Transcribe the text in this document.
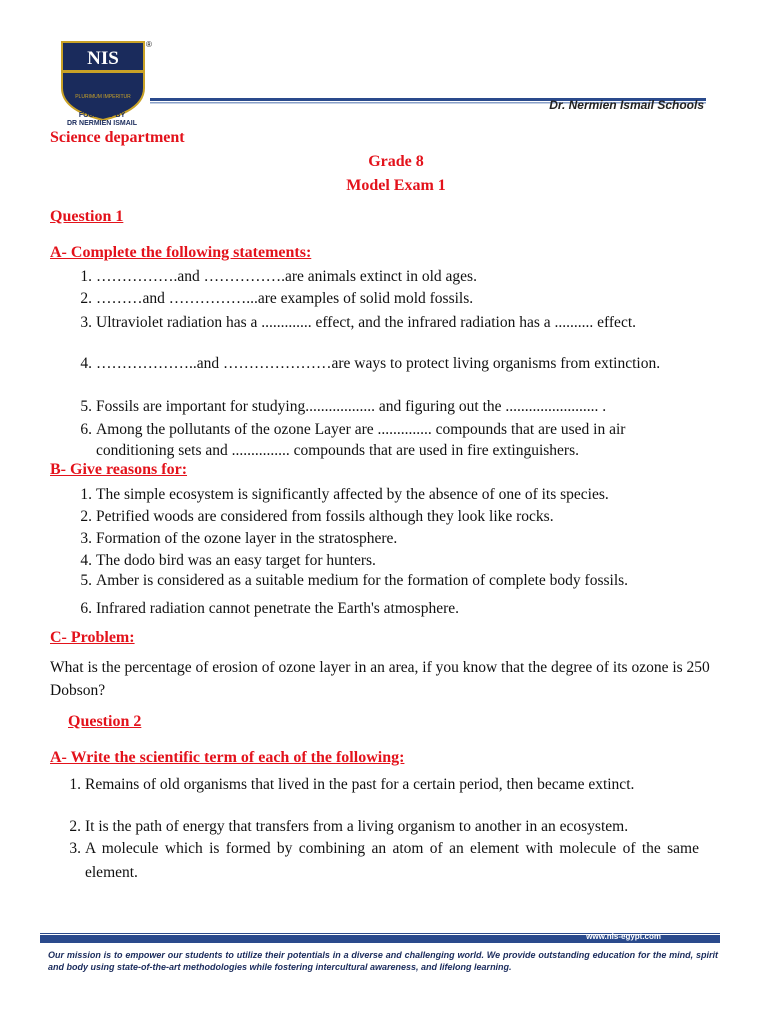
NIS
PLURIMUM IMPERITUR
®
FOUNDED BY
DR NERMIEN ISMAIL
Dr. Nermien Ismail Schools
Science department
Grade 8
Model Exam 1
Question 1
A- Complete the following statements:
1. …………….and …………….are animals extinct in old ages.
2. ………and ……………...are examples of solid mold fossils.
3. Ultraviolet radiation has a ............. effect, and the infrared radiation has a .......... effect.
4. ………………..and …………………are ways to protect living organisms from extinction.
5. Fossils are important for studying.................. and figuring out the ........................ .
6. Among the pollutants of the ozone Layer are .............. compounds that are used in air conditioning sets and ............... compounds that are used in fire extinguishers.
B- Give reasons for:
1. The simple ecosystem is significantly affected by the absence of one of its species.
2. Petrified woods are considered from fossils although they look like rocks.
3. Formation of the ozone layer in the stratosphere.
4. The dodo bird was an easy target for hunters.
5. Amber is considered as a suitable medium for the formation of complete body fossils.
6. Infrared radiation cannot penetrate the Earth's atmosphere.
C- Problem:
What is the percentage of erosion of ozone layer in an area, if you know that the degree of its ozone is 250 Dobson?
Question 2
A- Write the scientific term of each of the following:
1. Remains of old organisms that lived in the past for a certain period, then became extinct.
2. It is the path of energy that transfers from a living organism to another in an ecosystem.
3. A molecule which is formed by combining an atom of an element with molecule of the same element.
www.nis-egypt.com
Our mission is to empower our students to utilize their potentials in a diverse and challenging world. We provide outstanding education for the mind, spirit and body using state-of-the-art methodologies while fostering intercultural awareness, and lifelong learning.
